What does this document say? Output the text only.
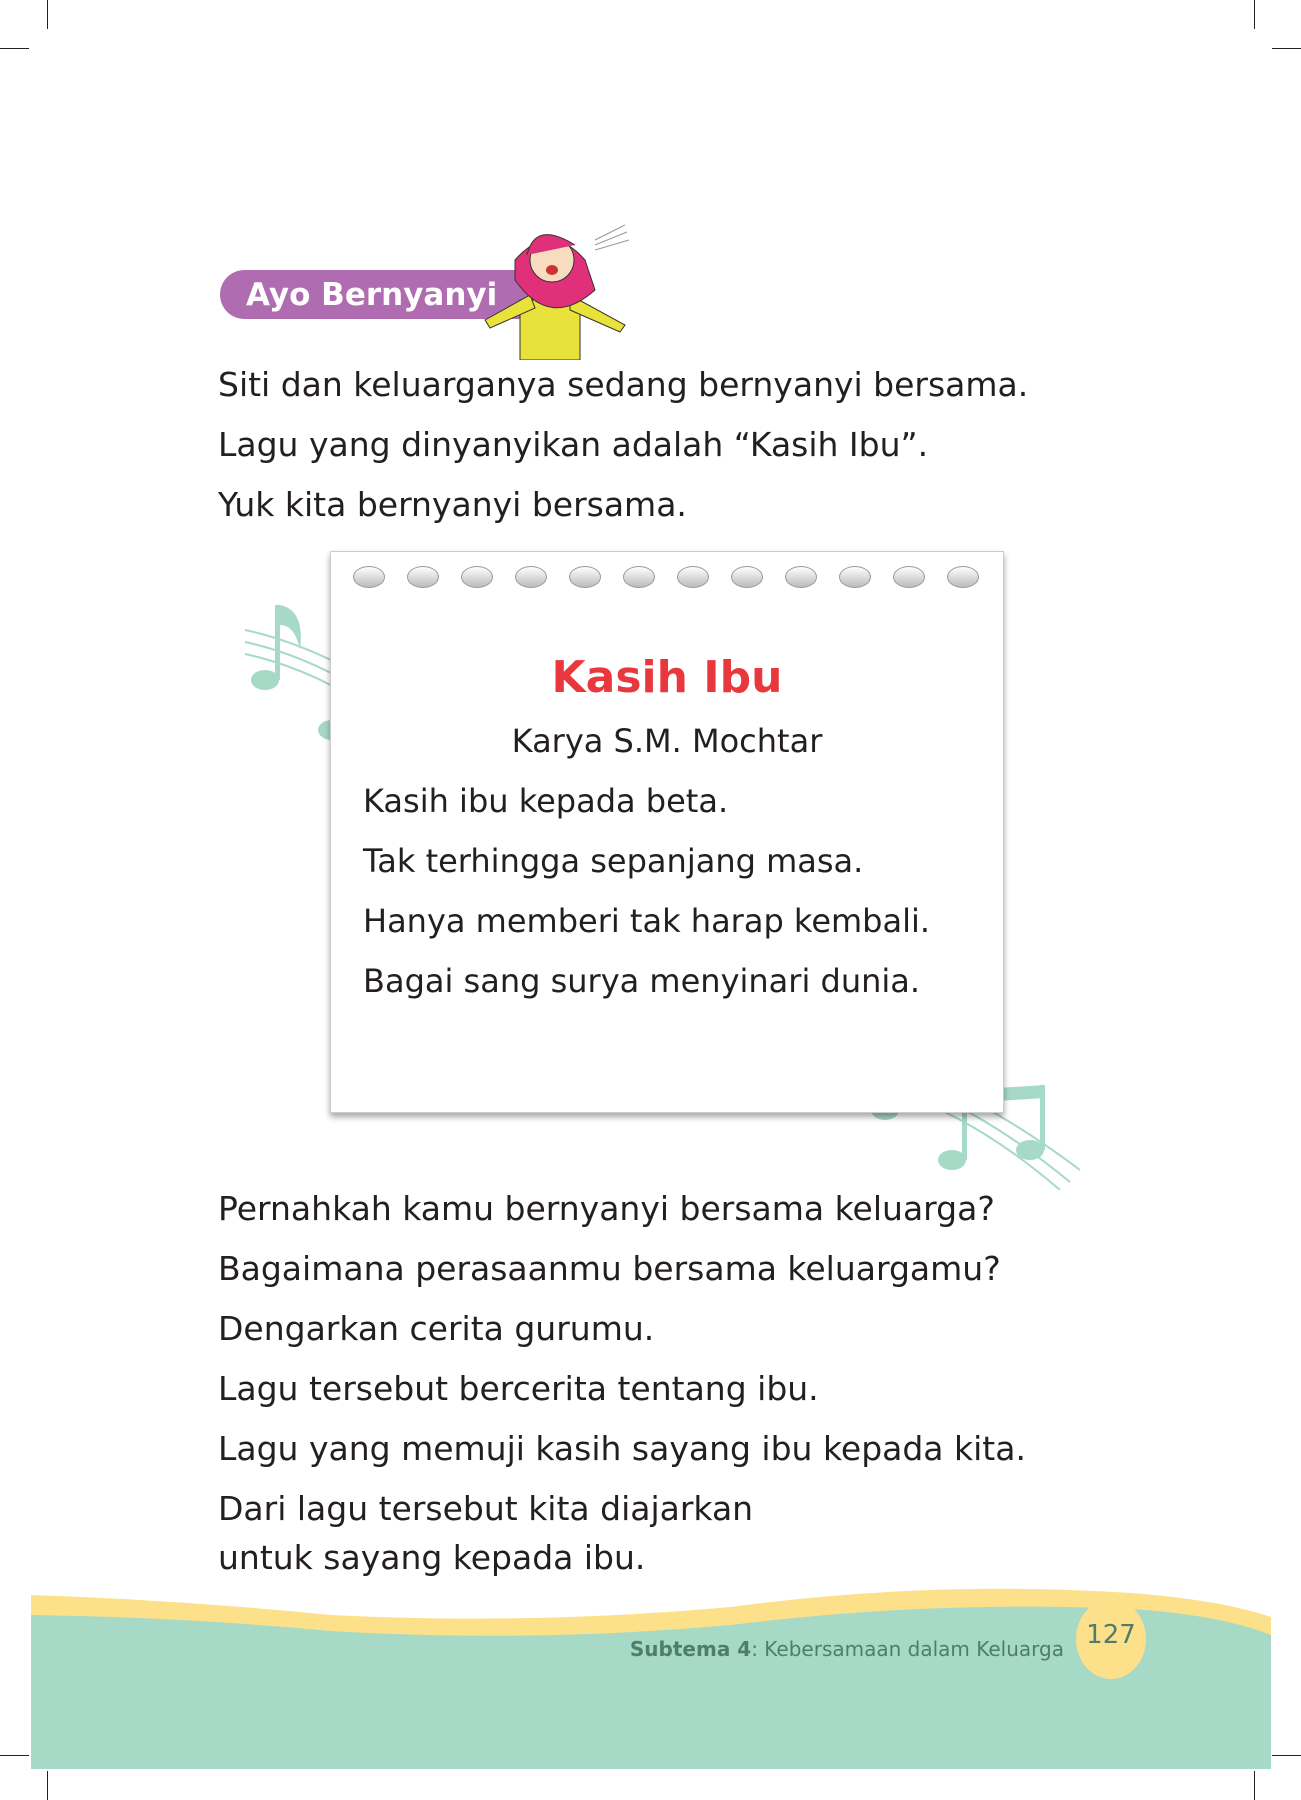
Ayo Bernyanyi
Siti dan keluarganya sedang bernyanyi bersama.
Lagu yang dinyanyikan adalah “Kasih Ibu”.
Yuk kita bernyanyi bersama.
Kasih Ibu
Karya S.M. Mochtar
Kasih ibu kepada beta.
Tak terhingga sepanjang masa.
Hanya memberi tak harap kembali.
Bagai sang surya menyinari dunia.
Pernahkah kamu bernyanyi bersama keluarga?
Bagaimana perasaanmu bersama keluargamu?
Dengarkan cerita gurumu.
Lagu tersebut bercerita tentang ibu.
Lagu yang memuji kasih sayang ibu kepada kita.
Dari lagu tersebut kita diajarkan
untuk sayang kepada ibu.
Subtema 4: Kebersamaan dalam Keluarga 127
